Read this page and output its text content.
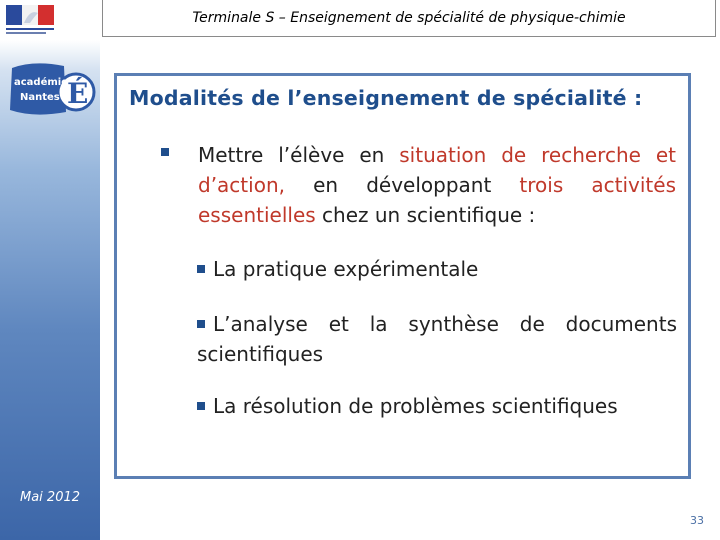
É
académie
Nantes
Mai 2012
Terminale S – Enseignement de spécialité de physique-chimie
Modalités de l’enseignement de spécialité :
Mettre l’élève en situation de recherche et d’action, en développant trois activités essentielles chez un scientifique :
La pratique expérimentale
L’analyse et la synthèse de documents scientifiques
La résolution de problèmes scientifiques
33
